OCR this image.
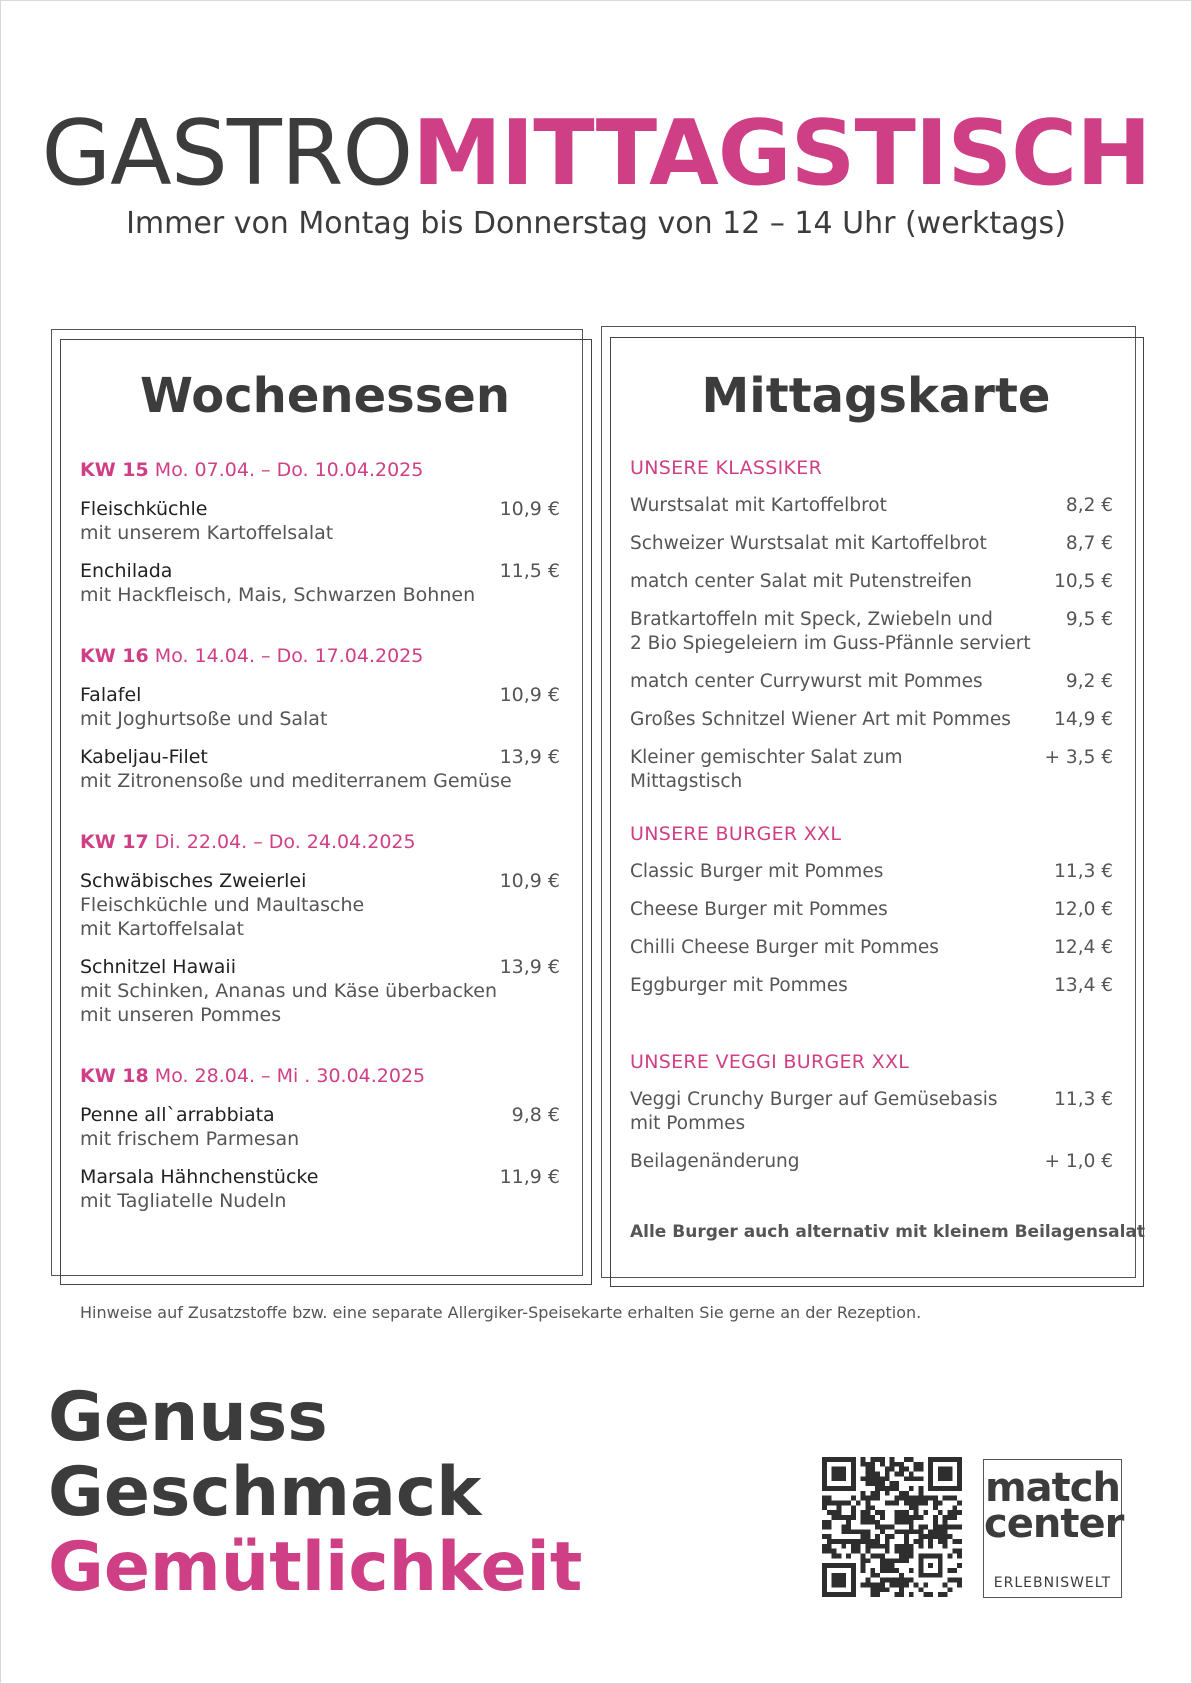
GASTROMITTAGSTISCH
Immer von Montag bis Donnerstag von 12 – 14 Uhr (werktags)
Wochenessen
KW 15 Mo. 07.04. – Do. 10.04.2025
Fleischküchle
mit unserem Kartoffelsalat
10,9 €
Enchilada
mit Hackfleisch, Mais, Schwarzen Bohnen
11,5 €
KW 16 Mo. 14.04. – Do. 17.04.2025
Falafel
mit Joghurtsoße und Salat
10,9 €
Kabeljau-Filet
mit Zitronensoße und mediterranem Gemüse
13,9 €
KW 17 Di. 22.04. – Do. 24.04.2025
Schwäbisches Zweierlei
Fleischküchle und Maultasche
mit Kartoffelsalat
10,9 €
Schnitzel Hawaii
mit Schinken, Ananas und Käse überbacken
mit unseren Pommes
13,9 €
KW 18 Mo. 28.04. – Mi . 30.04.2025
Penne all`arrabbiata
mit frischem Parmesan
9,8 €
Marsala Hähnchenstücke
mit Tagliatelle Nudeln
11,9 €
Mittagskarte
UNSERE KLASSIKER
Wurstsalat mit Kartoffelbrot	8,2 €
Schweizer Wurstsalat mit Kartoffelbrot	8,7 €
match center Salat mit Putenstreifen	10,5 €
Bratkartoffeln mit Speck, Zwiebeln und
2 Bio Spiegeleiern im Guss-Pfännle serviert
9,5 €
match center Currywurst mit Pommes	9,2 €
Großes Schnitzel Wiener Art mit Pommes	14,9 €
Kleiner gemischter Salat zum Mittagstisch
+ 3,5 €
UNSERE BURGER XXL
Classic Burger mit Pommes	11,3 €
Cheese Burger mit Pommes	12,0 €
Chilli Cheese Burger mit Pommes	12,4 €
Eggburger mit Pommes	13,4 €
UNSERE VEGGI BURGER XXL
Veggi Crunchy Burger auf Gemüsebasis
mit Pommes
11,3 €
Beilagenänderung	+ 1,0 €
Alle Burger auch alternativ mit kleinem Beilagensalat
Hinweise auf Zusatzstoffe bzw. eine separate Allergiker-Speisekarte erhalten Sie gerne an der Rezeption.
Genuss
Geschmack
Gemütlichkeit
match
center
ERLEBNISWELT
